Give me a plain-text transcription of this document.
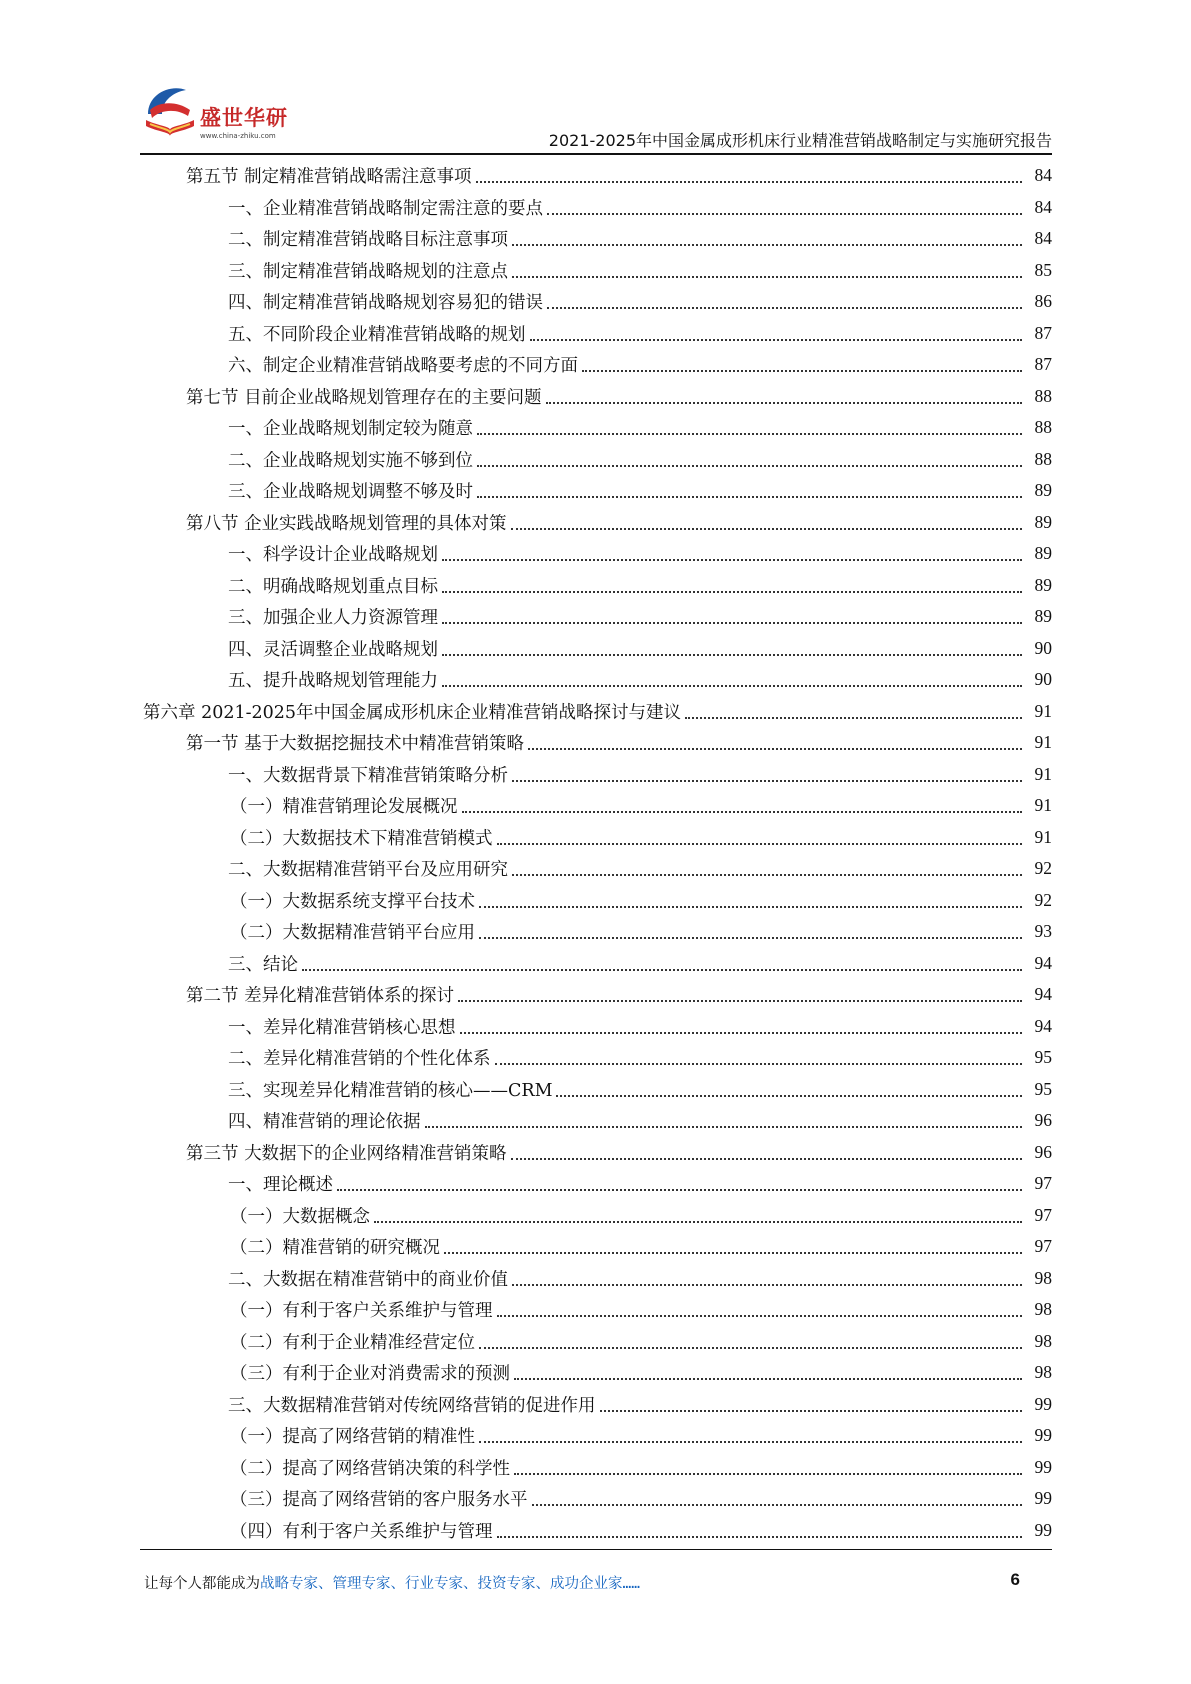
盛世华研
www.china-zhiku.com	2021-2025年中国金属成形机床行业精准营销战略制定与实施研究报告
第五节 制定精准营销战略需注意事项	84
一、企业精准营销战略制定需注意的要点	84
二、制定精准营销战略目标注意事项	84
三、制定精准营销战略规划的注意点	85
四、制定精准营销战略规划容易犯的错误	86
五、不同阶段企业精准营销战略的规划	87
六、制定企业精准营销战略要考虑的不同方面	87
第七节 目前企业战略规划管理存在的主要问题	88
一、企业战略规划制定较为随意	88
二、企业战略规划实施不够到位	88
三、企业战略规划调整不够及时	89
第八节 企业实践战略规划管理的具体对策	89
一、科学设计企业战略规划	89
二、明确战略规划重点目标	89
三、加强企业人力资源管理	89
四、灵活调整企业战略规划	90
五、提升战略规划管理能力	90
第六章 2021-2025年中国金属成形机床企业精准营销战略探讨与建议	91
第一节 基于大数据挖掘技术中精准营销策略	91
一、大数据背景下精准营销策略分析	91
（一）精准营销理论发展概况	91
（二）大数据技术下精准营销模式	91
二、大数据精准营销平台及应用研究	92
（一）大数据系统支撑平台技术	92
（二）大数据精准营销平台应用	93
三、结论	94
第二节 差异化精准营销体系的探讨	94
一、差异化精准营销核心思想	94
二、差异化精准营销的个性化体系	95
三、实现差异化精准营销的核心——CRM	95
四、精准营销的理论依据	96
第三节 大数据下的企业网络精准营销策略	96
一、理论概述	97
（一）大数据概念	97
（二）精准营销的研究概况	97
二、大数据在精准营销中的商业价值	98
（一）有利于客户关系维护与管理	98
（二）有利于企业精准经营定位	98
（三）有利于企业对消费需求的预测	98
三、大数据精准营销对传统网络营销的促进作用	99
（一）提高了网络营销的精准性	99
（二）提高了网络营销决策的科学性	99
（三）提高了网络营销的客户服务水平	99
（四）有利于客户关系维护与管理	99
让每个人都能成为战略专家、管理专家、行业专家、投资专家、成功企业家……	6
